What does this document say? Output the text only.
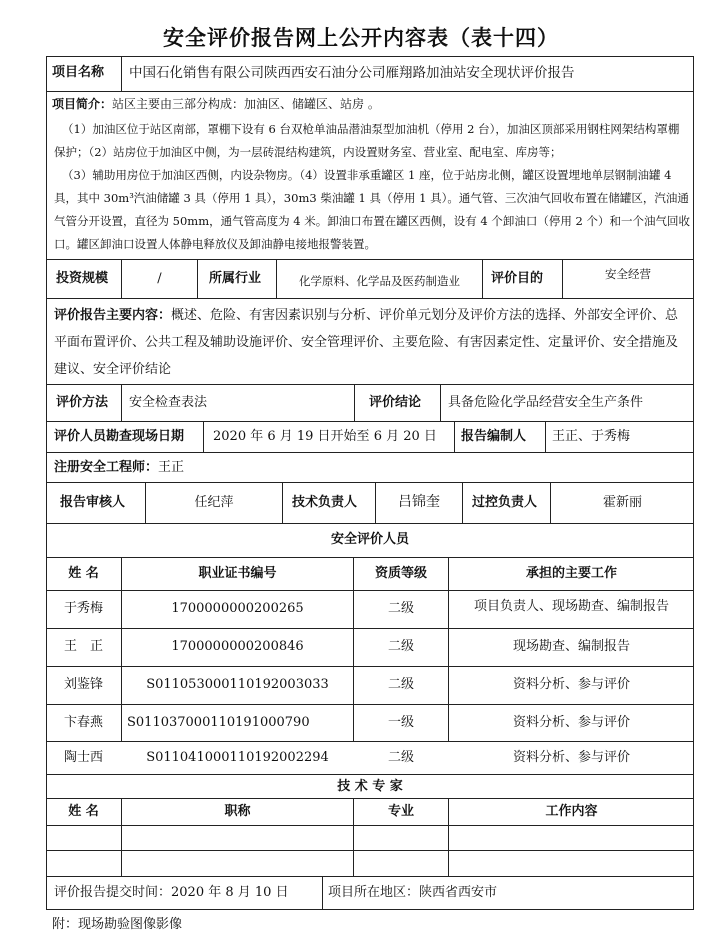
安全评价报告网上公开内容表（表十四）
项目名称 中国石化销售有限公司陕西西安石油分公司雁翔路加油站安全现状评价报告
项目简介：站区主要由三部分构成：加油区、储罐区、站房 。
（1）加油区位于站区南部，罩棚下设有 6 台双枪单油品潜油泵型加油机（停用 2 台），加油区顶部采用钢柱网架结构罩棚保护；（2）站房位于加油区中侧，为一层砖混结构建筑，内设置财务室、营业室、配电室、库房等；
（3）辅助用房位于加油区西侧，内设杂物房。（4）设置非承重罐区 1 座，位于站房北侧，罐区设置埋地单层钢制油罐 4 具，其中 30m³汽油储罐 3 具（停用 1 具），30m3 柴油罐 1 具（停用 1 具）。通气管、三次油气回收布置在储罐区，汽油通气管分开设置，直径为 50mm，通气管高度为 4 米。卸油口布置在罐区西侧，设有 4 个卸油口（停用 2 个）和一个油气回收口。罐区卸油口设置人体静电释放仪及卸油静电接地报警装置。
投资规模	/	所属行业	化学原料、化学品及医药制造业	评价目的	安全经营
评价报告主要内容：概述、危险、有害因素识别与分析、评价单元划分及评价方法的选择、外部安全评价、总平面布置评价、公共工程及辅助设施评价、安全管理评价、主要危险、有害因素定性、定量评价、安全措施及建议、安全评价结论
评价方法 安全检查表法	评价结论 具备危险化学品经营安全生产条件
评价人员勘查现场日期 2020 年 6 月 19 日开始至 6 月 20 日 报告编制人 王正、于秀梅
注册安全工程师：王正
报告审核人	任纪萍	技术负责人	吕锦奎	过控负责人	霍新丽
安全评价人员
姓 名	职业证书编号	资质等级	承担的主要工作
于秀梅	1700000000200265	二级	项目负责人、现场勘查、编制报告
王　正	1700000000200846	二级	现场勘查、编制报告
刘鉴锋	S011053000110192003033	二级	资料分析、参与评价
卞春燕	S011037000110191000790	一级	资料分析、参与评价
陶士西	S011041000110192002294	二级	资料分析、参与评价
技 术 专 家
姓 名	职称	专业	工作内容
评价报告提交时间：2020 年 8 月 10 日	项目所在地区：陕西省西安市
附：现场勘验图像影像
